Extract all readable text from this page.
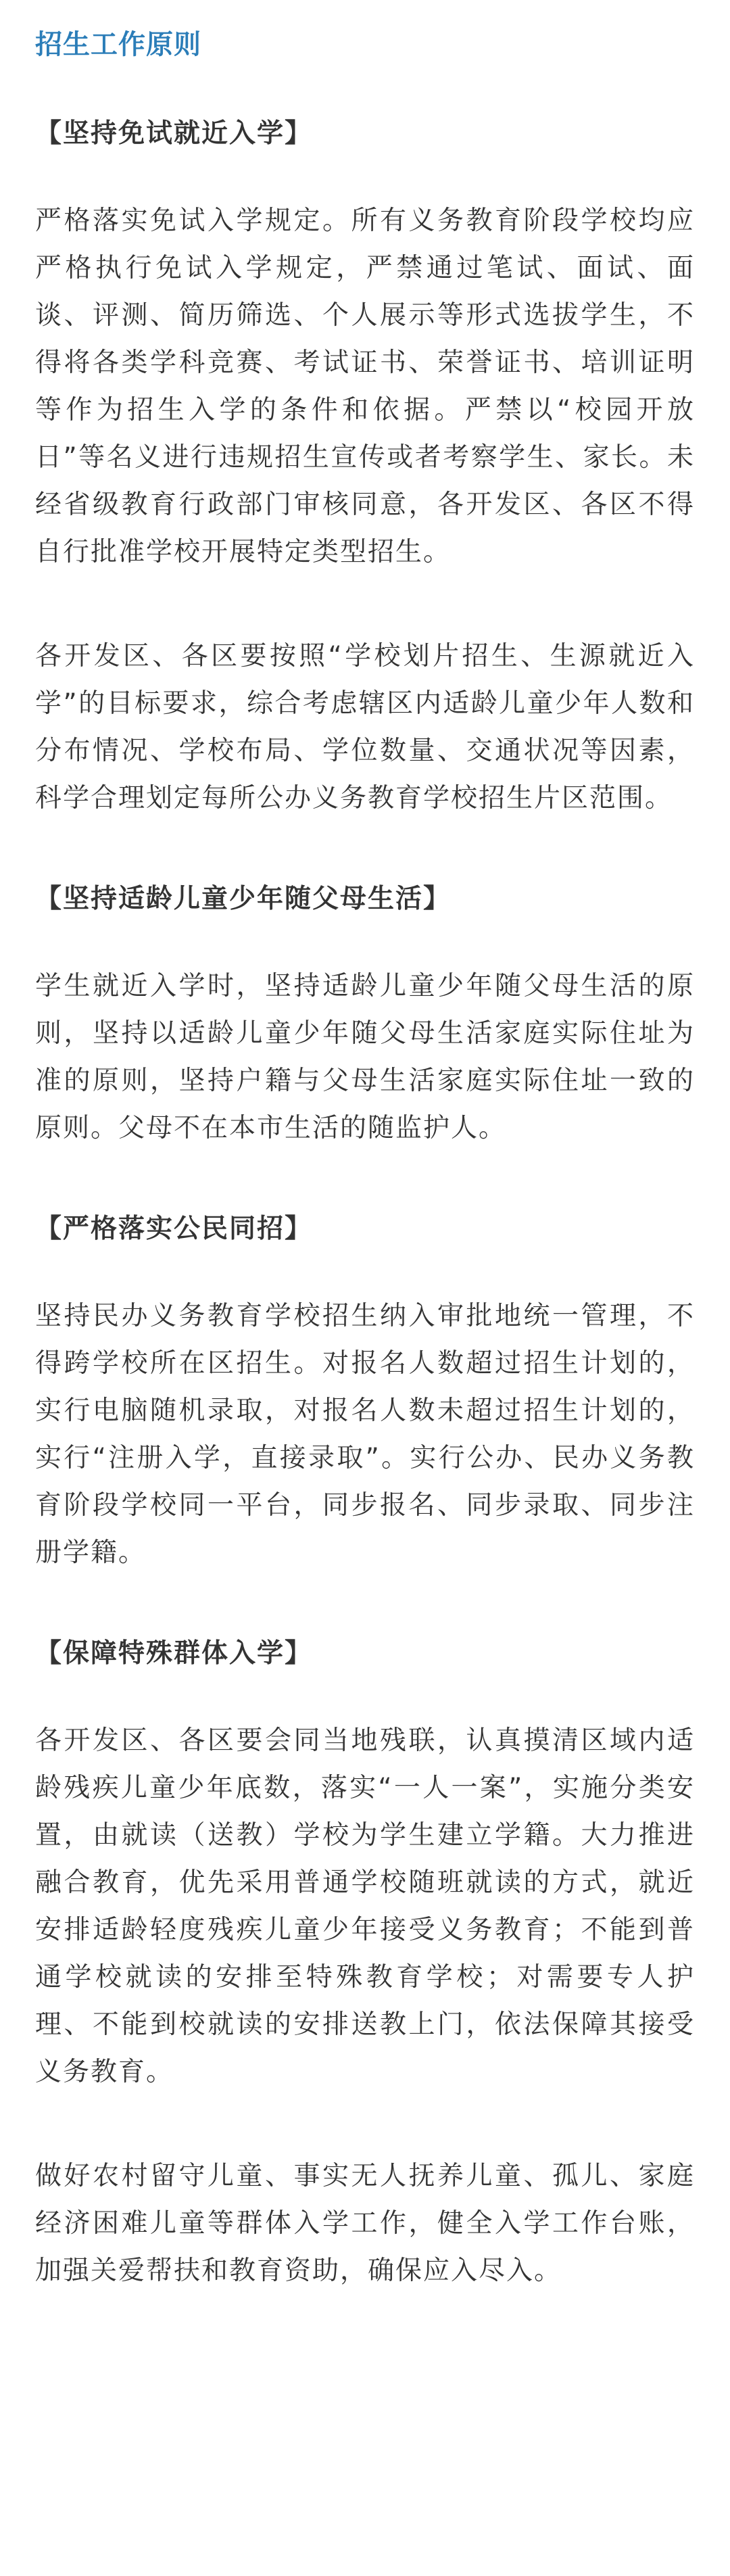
招生工作原则
【坚持免试就近入学】

严格落实免试入学规定。所有义务教育阶段学校均应严格执行免试入学规定，严禁通过笔试、面试、面谈、评测、简历筛选、个人展示等形式选拔学生，不得将各类学科竞赛、考试证书、荣誉证书、培训证明等作为招生入学的条件和依据。严禁以“校园开放日”等名义进行违规招生宣传或者考察学生、家长。未经省级教育行政部门审核同意，各开发区、各区不得自行批准学校开展特定类型招生。

各开发区、各区要按照“学校划片招生、生源就近入学”的目标要求，综合考虑辖区内适龄儿童少年人数和分布情况、学校布局、学位数量、交通状况等因素，科学合理划定每所公办义务教育学校招生片区范围。

【坚持适龄儿童少年随父母生活】

学生就近入学时，坚持适龄儿童少年随父母生活的原则，坚持以适龄儿童少年随父母生活家庭实际住址为准的原则，坚持户籍与父母生活家庭实际住址一致的原则。父母不在本市生活的随监护人。

【严格落实公民同招】

坚持民办义务教育学校招生纳入审批地统一管理，不得跨学校所在区招生。对报名人数超过招生计划的，实行电脑随机录取，对报名人数未超过招生计划的，实行“注册入学，直接录取”。实行公办、民办义务教育阶段学校同一平台，同步报名、同步录取、同步注册学籍。

【保障特殊群体入学】

各开发区、各区要会同当地残联，认真摸清区域内适龄残疾儿童少年底数，落实“一人一案”，实施分类安置，由就读（送教）学校为学生建立学籍。大力推进融合教育，优先采用普通学校随班就读的方式，就近安排适龄轻度残疾儿童少年接受义务教育；不能到普通学校就读的安排至特殊教育学校；对需要专人护理、不能到校就读的安排送教上门，依法保障其接受义务教育。

做好农村留守儿童、事实无人抚养儿童、孤儿、家庭经济困难儿童等群体入学工作，健全入学工作台账，加强关爱帮扶和教育资助，确保应入尽入。
